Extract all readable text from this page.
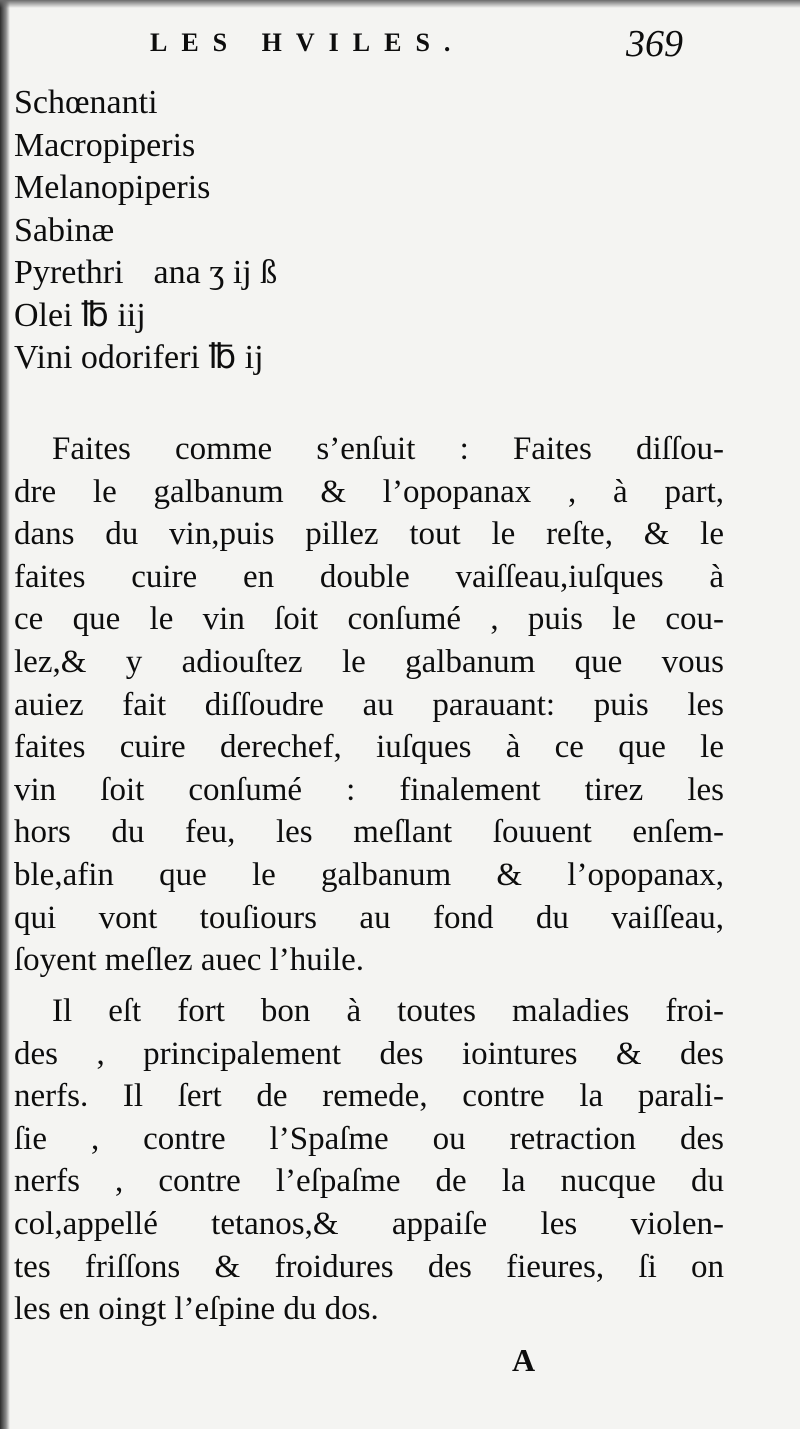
LES HVILES.	369
Schœnanti
Macropiperis
Melanopiperis
Sabinæ
Pyrethri ana ʒ ij ß
Olei ℔ iij
Vini odoriferi ℔ ij
Faites comme s’enſuit : Faites diſſou-
dre le galbanum & l’opopanax , à part,
dans du vin,puis pillez tout le reſte, & le
faites cuire en double vaiſſeau,iuſques à
ce que le vin ſoit conſumé , puis le cou-
lez,& y adiouſtez le galbanum que vous
auiez fait diſſoudre au parauant: puis les
faites cuire derechef, iuſques à ce que le
vin ſoit conſumé : finalement tirez les
hors du feu, les meſlant ſouuent enſem-
ble,afin que le galbanum & l’opopanax,
qui vont touſiours au fond du vaiſſeau,
ſoyent meſlez auec l’huile.
Il eſt fort bon à toutes maladies froi-
des , principalement des iointures & des
nerfs. Il ſert de remede, contre la parali-
ſie , contre l’Spaſme ou retraction des
nerfs , contre l’eſpaſme de la nucque du
col,appellé tetanos,& appaiſe les violen-
tes friſſons & froidures des fieures, ſi on
les en oingt l’eſpine du dos.
A
